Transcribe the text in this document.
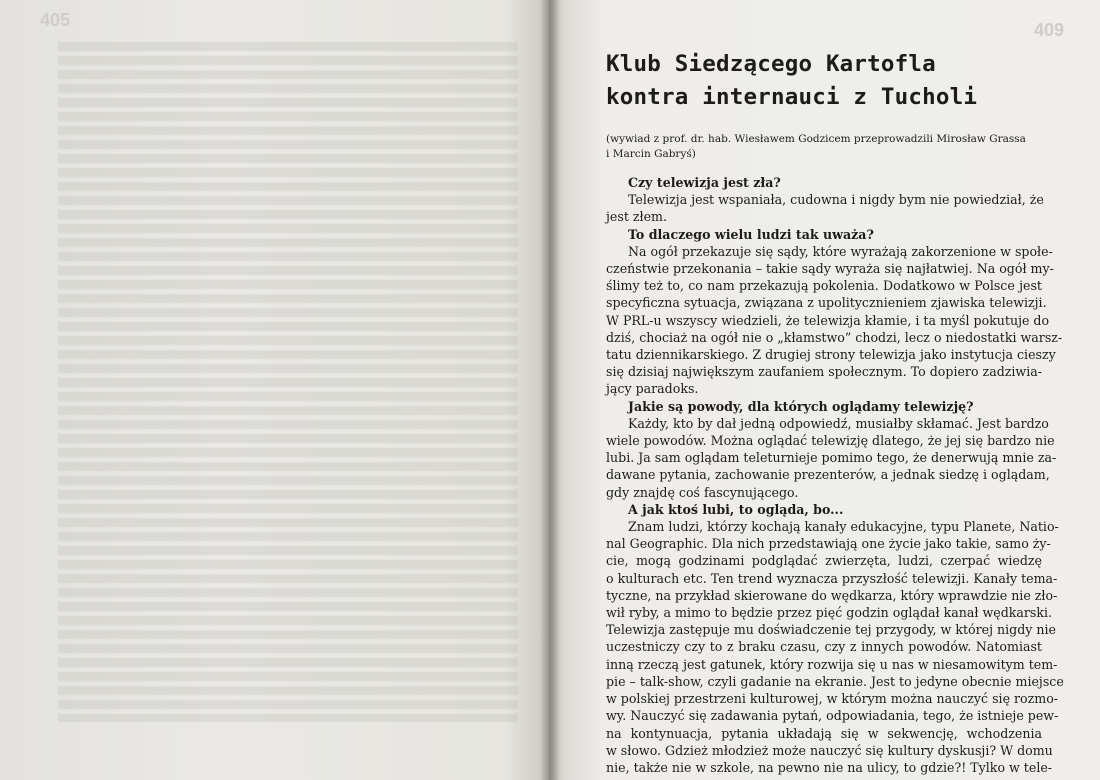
405	409
Klub Siedzącego Kartofla
kontra internauci z Tucholi

(wywiad z prof. dr. hab. Wiesławem Godzicem przeprowadzili Mirosław Grassa
i Marcin Gabryś)

Czy telewizja jest zła?
Telewizja jest wspaniała, cudowna i nigdy bym nie powiedział, że
jest złem.
To dlaczego wielu ludzi tak uważa?
Na ogół przekazuje się sądy, które wyrażają zakorzenione w społe-
czeństwie przekonania – takie sądy wyraża się najłatwiej. Na ogół my-
ślimy też to, co nam przekazują pokolenia. Dodatkowo w Polsce jest
specyficzna sytuacja, związana z upolitycznieniem zjawiska telewizji.
W PRL-u wszyscy wiedzieli, że telewizja kłamie, i ta myśl pokutuje do
dziś, chociaż na ogół nie o „kłamstwo” chodzi, lecz o niedostatki warsz-
tatu dziennikarskiego. Z drugiej strony telewizja jako instytucja cieszy
się dzisiaj największym zaufaniem społecznym. To dopiero zadziwia-
jący paradoks.
Jakie są powody, dla których oglądamy telewizję?
Każdy, kto by dał jedną odpowiedź, musiałby skłamać. Jest bardzo
wiele powodów. Można oglądać telewizję dlatego, że jej się bardzo nie
lubi. Ja sam oglądam teleturnieje pomimo tego, że denerwują mnie za-
dawane pytania, zachowanie prezenterów, a jednak siedzę i oglądam,
gdy znajdę coś fascynującego.
A jak ktoś lubi, to ogląda, bo...
Znam ludzi, którzy kochają kanały edukacyjne, typu Planete, Natio-
nal Geographic. Dla nich przedstawiają one życie jako takie, samo ży-
cie, mogą godzinami podglądać zwierzęta, ludzi, czerpać wiedzę
o kulturach etc. Ten trend wyznacza przyszłość telewizji. Kanały tema-
tyczne, na przykład skierowane do wędkarza, który wprawdzie nie zło-
wił ryby, a mimo to będzie przez pięć godzin oglądał kanał wędkarski.
Telewizja zastępuje mu doświadczenie tej przygody, w której nigdy nie
uczestniczy czy to z braku czasu, czy z innych powodów. Natomiast
inną rzeczą jest gatunek, który rozwija się u nas w niesamowitym tem-
pie – talk-show, czyli gadanie na ekranie. Jest to jedyne obecnie miejsce
w polskiej przestrzeni kulturowej, w którym można nauczyć się rozmo-
wy. Nauczyć się zadawania pytań, odpowiadania, tego, że istnieje pew-
na kontynuacja, pytania układają się w sekwencję, wchodzenia
w słowo. Gdzież młodzież może nauczyć się kultury dyskusji? W domu
nie, także nie w szkole, na pewno nie na ulicy, to gdzie?! Tylko w tele-
